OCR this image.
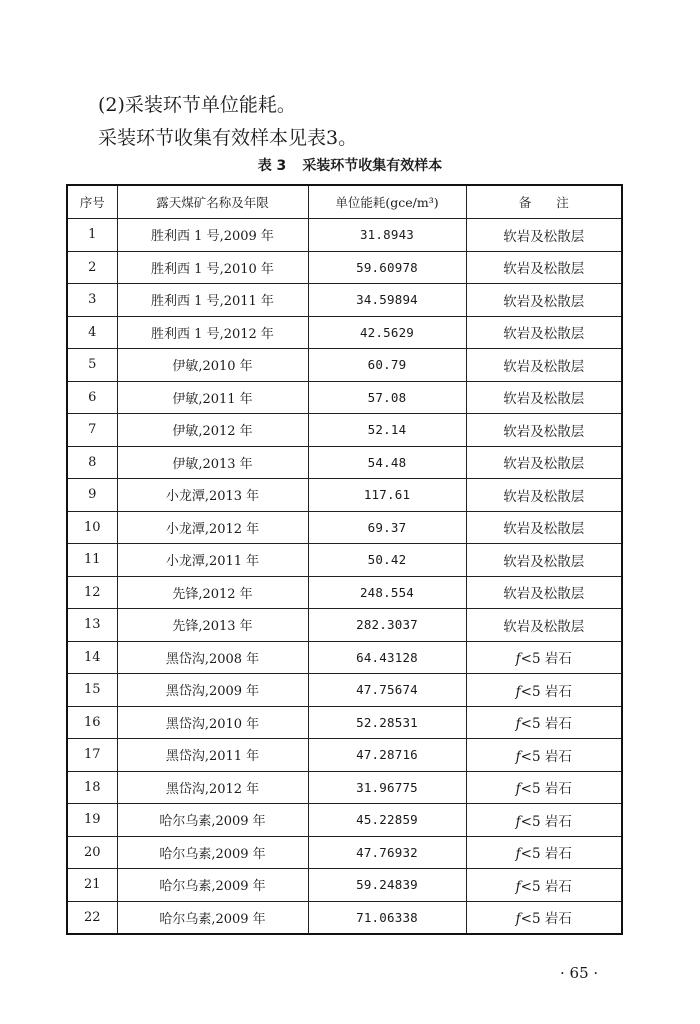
(2)采装环节单位能耗。
采装环节收集有效样本见表3。
表 3 采装环节收集有效样本
序号	露天煤矿名称及年限	单位能耗(gce/m³)	备　　注
1	胜利西 1 号,2009 年	31.8943	软岩及松散层
2	胜利西 1 号,2010 年	59.60978	软岩及松散层
3	胜利西 1 号,2011 年	34.59894	软岩及松散层
4	胜利西 1 号,2012 年	42.5629	软岩及松散层
5	伊敏,2010 年	60.79	软岩及松散层
6	伊敏,2011 年	57.08	软岩及松散层
7	伊敏,2012 年	52.14	软岩及松散层
8	伊敏,2013 年	54.48	软岩及松散层
9	小龙潭,2013 年	117.61	软岩及松散层
10	小龙潭,2012 年	69.37	软岩及松散层
11	小龙潭,2011 年	50.42	软岩及松散层
12	先锋,2012 年	248.554	软岩及松散层
13	先锋,2013 年	282.3037	软岩及松散层
14	黑岱沟,2008 年	64.43128	f<5 岩石
15	黑岱沟,2009 年	47.75674	f<5 岩石
16	黑岱沟,2010 年	52.28531	f<5 岩石
17	黑岱沟,2011 年	47.28716	f<5 岩石
18	黑岱沟,2012 年	31.96775	f<5 岩石
19	哈尔乌素,2009 年	45.22859	f<5 岩石
20	哈尔乌素,2009 年	47.76932	f<5 岩石
21	哈尔乌素,2009 年	59.24839	f<5 岩石
22	哈尔乌素,2009 年	71.06338	f<5 岩石
· 65 ·
